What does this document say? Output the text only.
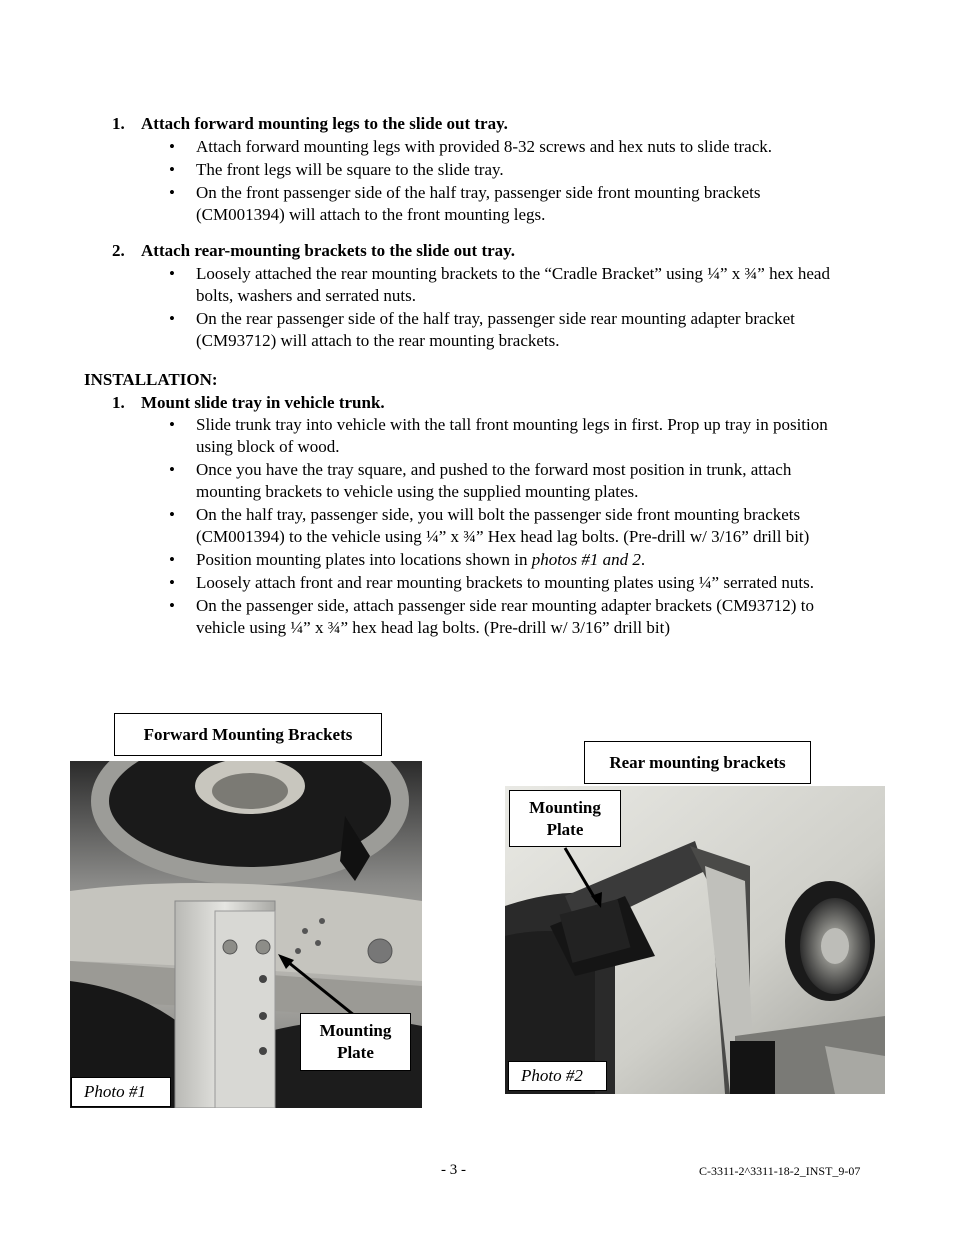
1. Attach forward mounting legs to the slide out tray.
• Attach forward mounting legs with provided 8-32 screws and hex nuts to slide track.
• The front legs will be square to the slide tray.
• On the front passenger side of the half tray, passenger side front mounting brackets (CM001394) will attach to the front mounting legs.
2. Attach rear-mounting brackets to the slide out tray.
• Loosely attached the rear mounting brackets to the “Cradle Bracket” using ¼” x ¾” hex head bolts, washers and serrated nuts.
• On the rear passenger side of the half tray, passenger side rear mounting adapter bracket (CM93712) will attach to the rear mounting brackets.
INSTALLATION:
1. Mount slide tray in vehicle trunk.
• Slide trunk tray into vehicle with the tall front mounting legs in first. Prop up tray in position using block of wood.
• Once you have the tray square, and pushed to the forward most position in trunk, attach mounting brackets to vehicle using the supplied mounting plates.
• On the half tray, passenger side, you will bolt the passenger side front mounting brackets (CM001394) to the vehicle using ¼” x ¾” Hex head lag bolts. (Pre-drill w/ 3/16” drill bit)
• Position mounting plates into locations shown in photos #1 and 2.
• Loosely attach front and rear mounting brackets to mounting plates using ¼” serrated nuts.
• On the passenger side, attach passenger side rear mounting adapter brackets (CM93712) to vehicle using ¼” x ¾” hex head lag bolts. (Pre-drill w/ 3/16” drill bit)
Forward Mounting Brackets
Mounting
Plate
Photo #1
Rear mounting brackets
Mounting
Plate
Photo #2
- 3 -	C-3311-2^3311-18-2_INST_9-07
